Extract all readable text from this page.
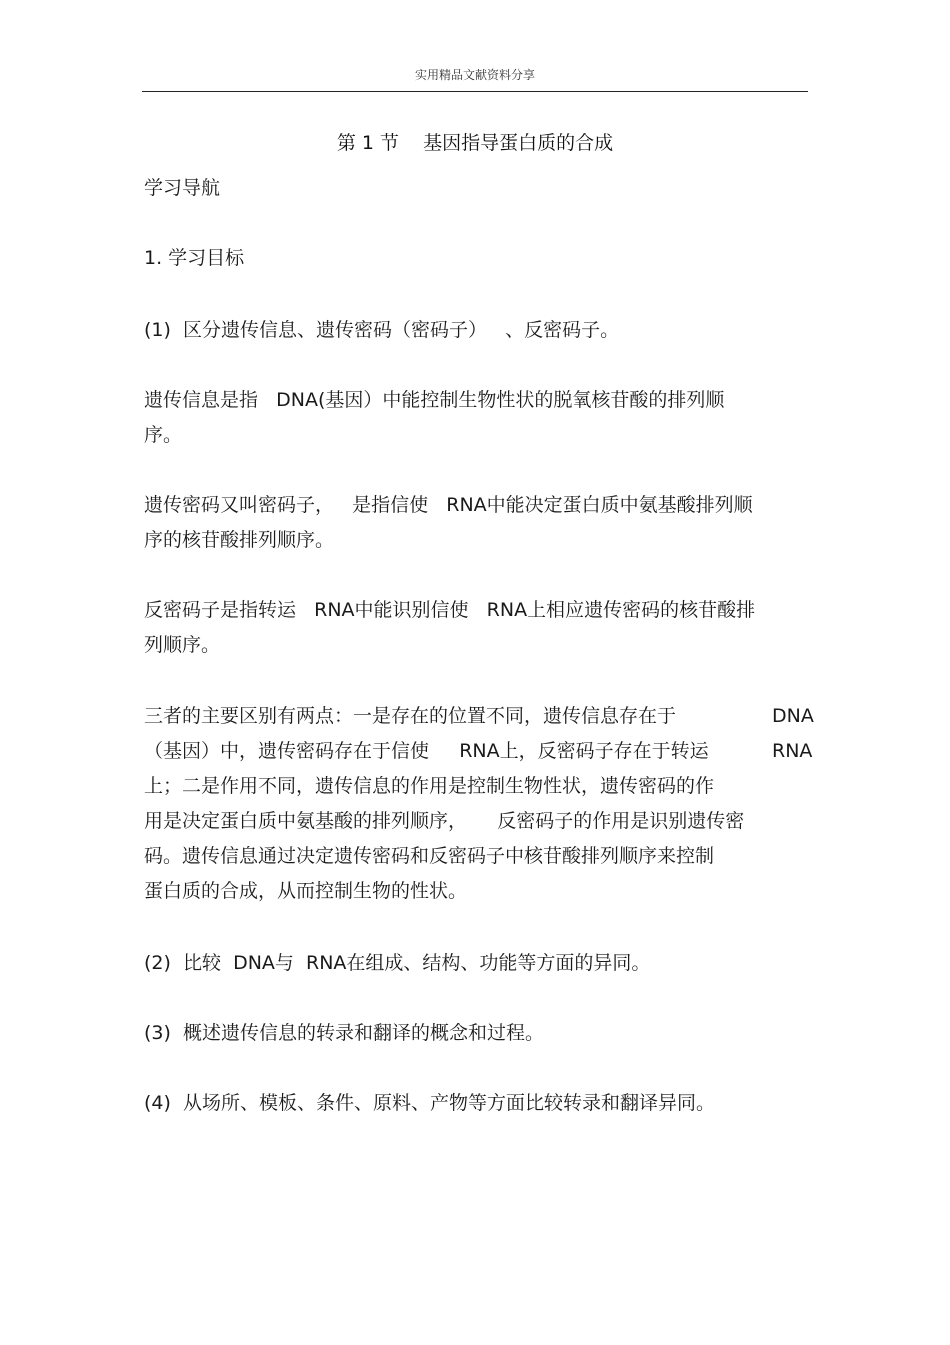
实用精品文献资料分享
第 1 节    基因指导蛋白质的合成
学习导航
1. 学习目标
(1)  区分遗传信息、遗传密码（密码子）   、反密码子。
遗传信息是指   DNA(基因）中能控制生物性状的脱氧核苷酸的排列顺
序。
遗传密码又叫密码子，   是指信使   RNA中能决定蛋白质中氨基酸排列顺
序的核苷酸排列顺序。
反密码子是指转运   RNA中能识别信使   RNA上相应遗传密码的核苷酸排
列顺序。
三者的主要区别有两点：一是存在的位置不同，遗传信息存在于	DNA
（基因）中，遗传密码存在于信使     RNA上，反密码子存在于转运	RNA
上；二是作用不同，遗传信息的作用是控制生物性状，遗传密码的作
用是决定蛋白质中氨基酸的排列顺序，     反密码子的作用是识别遗传密
码。遗传信息通过决定遗传密码和反密码子中核苷酸排列顺序来控制
蛋白质的合成，从而控制生物的性状。
(2)  比较  DNA与  RNA在组成、结构、功能等方面的异同。
(3)  概述遗传信息的转录和翻译的概念和过程。
(4)  从场所、模板、条件、原料、产物等方面比较转录和翻译异同。
